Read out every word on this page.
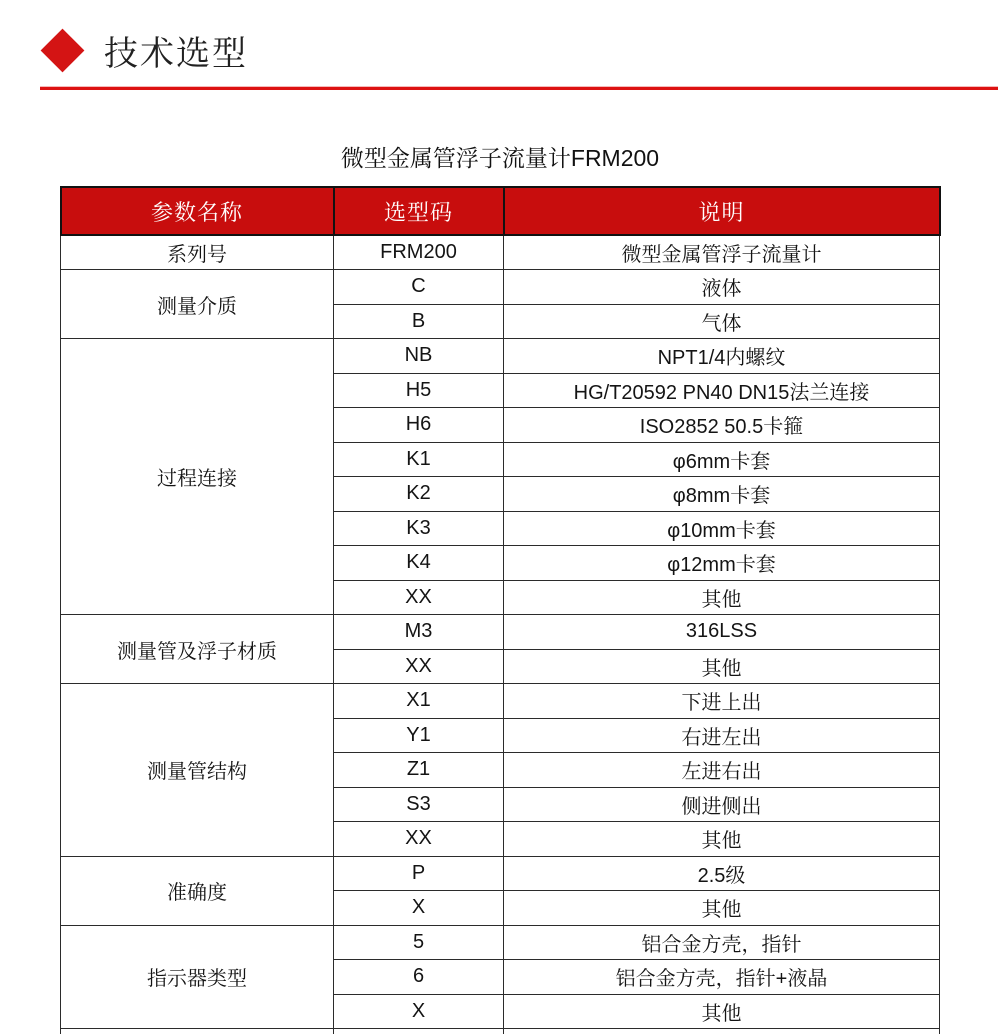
技术选型
微型金属管浮子流量计FRM200
参数名称	选型码	说明
系列号	FRM200	微型金属管浮子流量计
测量介质	C	液体
	B	气体
过程连接	NB	NPT1/4内螺纹
	H5	HG/T20592 PN40 DN15法兰连接
	H6	ISO2852 50.5卡箍
	K1	φ6mm卡套
	K2	φ8mm卡套
	K3	φ10mm卡套
	K4	φ12mm卡套
	XX	其他
测量管及浮子材质	M3	316LSS
	XX	其他
测量管结构	X1	下进上出
	Y1	右进左出
	Z1	左进右出
	S3	侧进侧出
	XX	其他
准确度	P	2.5级
	X	其他
指示器类型	5	铝合金方壳，指针
	6	铝合金方壳，指针+液晶
	X	其他
